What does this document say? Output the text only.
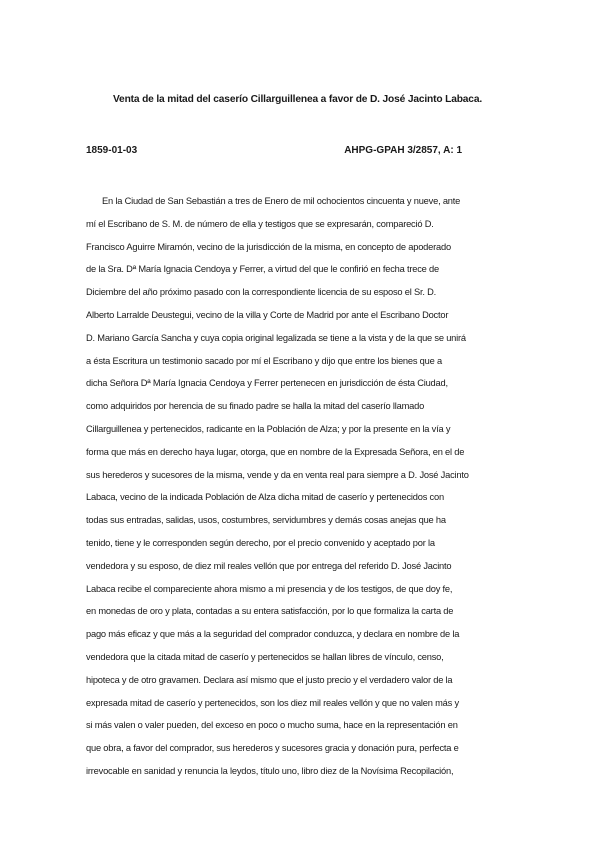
Venta de la mitad del caserío Cillarguillenea a favor de D. José Jacinto Labaca.
1859-01-03	AHPG-GPAH 3/2857, A: 1
En la Ciudad de San Sebastián a tres de Enero de mil ochocientos cincuenta y nueve, ante
mí el Escribano de S. M. de número de ella y testigos que se expresarán, compareció D.
Francisco Aguirre Miramón, vecino de la jurisdicción de la misma, en concepto de apoderado
de la Sra. Dª María Ignacia Cendoya y Ferrer, a virtud del que le confirió en fecha trece de
Diciembre del año próximo pasado con la correspondiente licencia de su esposo el Sr. D.
Alberto Larralde Deustegui, vecino de la villa y Corte de Madrid por ante el Escribano Doctor
D. Mariano García Sancha y cuya copia original legalizada se tiene a la vista y de la que se unirá
a ésta Escritura un testimonio sacado por mí el Escribano y dijo que entre los bienes que a
dicha Señora Dª María Ignacia Cendoya y Ferrer pertenecen en jurisdicción de ésta Ciudad,
como adquiridos por herencia de su finado padre se halla la mitad del caserío llamado
Cillarguillenea y pertenecidos, radicante en la Población de Alza; y por la presente en la vía y
forma que más en derecho haya lugar, otorga, que en nombre de la Expresada Señora, en el de
sus herederos y sucesores de la misma, vende y da en venta real para siempre a D. José Jacinto
Labaca, vecino de la indicada Población de Alza dicha mitad de caserío y pertenecidos con
todas sus entradas, salidas, usos, costumbres, servidumbres y demás cosas anejas que ha
tenido, tiene y le corresponden según derecho, por el precio convenido y aceptado por la
vendedora y su esposo, de diez mil reales vellón que por entrega del referido D. José Jacinto
Labaca recibe el compareciente ahora mismo a mi presencia y de los testigos, de que doy fe,
en monedas de oro y plata, contadas a su entera satisfacción, por lo que formaliza la carta de
pago más eficaz y que más a la seguridad del comprador conduzca, y declara en nombre de la
vendedora que la citada mitad de caserío y pertenecidos se hallan libres de vínculo, censo,
hipoteca y de otro gravamen. Declara así mismo que el justo precio y el verdadero valor de la
expresada mitad de caserío y pertenecidos, son los diez mil reales vellón y que no valen más y
si más valen o valer pueden, del exceso en poco o mucho suma, hace en la representación en
que obra, a favor del comprador, sus herederos y sucesores gracia y donación pura, perfecta e
irrevocable en sanidad y renuncia la leydos, título uno, libro diez de la Novísima Recopilación,
